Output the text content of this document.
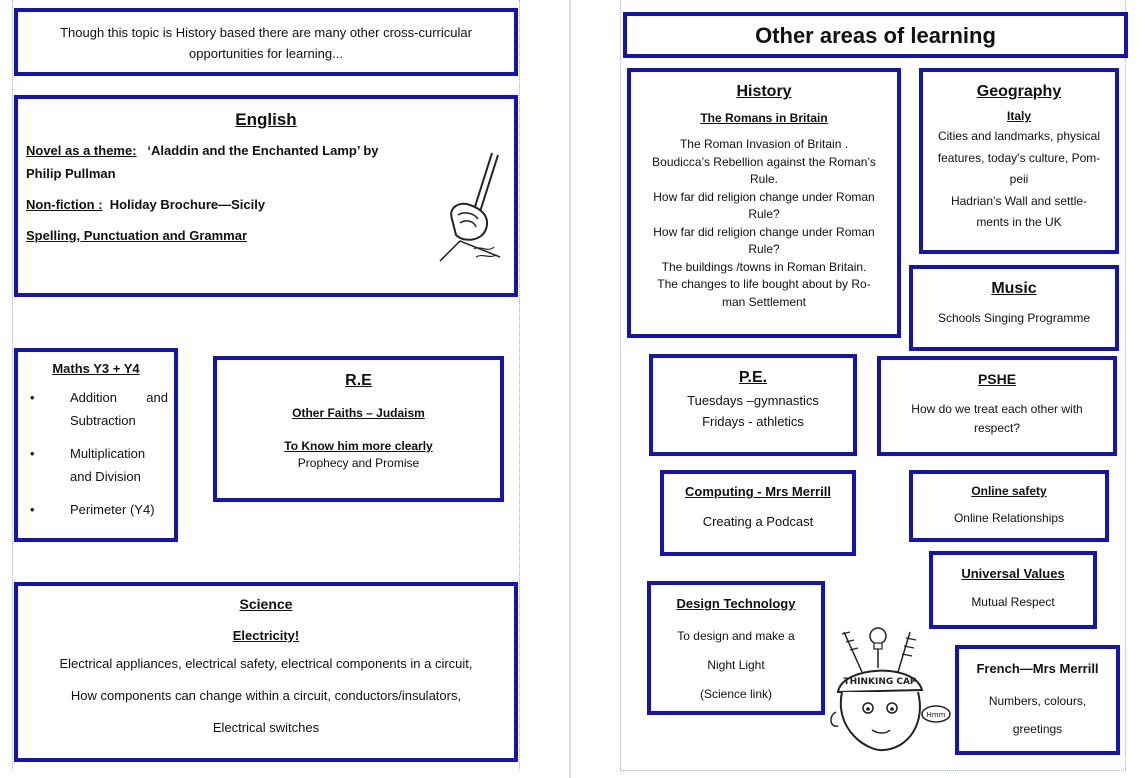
Though this topic is History based there are many other cross-curricular

opportunities for learning...

English

Novel as a theme: ‘Aladdin and the Enchanted Lamp’ by
Philip Pullman

Non-fiction : Holiday Brochure—Sicily

Spelling, Punctuation and Grammar

Maths Y3 + Y4

• Addition and
Subtraction
• Multiplication
and Division
• Perimeter (Y4)

R.E

Other Faiths – Judaism

To Know him more clearly

Prophecy and Promise

Science

Electricity!

Electrical appliances, electrical safety, electrical components in a circuit,

How components can change within a circuit, conductors/insulators,

Electrical switches

Other areas of learning

History

The Romans in Britain

The Roman Invasion of Britain .

Boudicca’s Rebellion against the Roman’s

Rule.

How far did religion change under Roman

Rule?

How far did religion change under Roman

Rule?

The buildings /towns in Roman Britain.

The changes to life bought about by Ro-

man Settlement

Geography

Italy

Cities and landmarks, physical

features, today’s culture, Pom-

peii

Hadrian’s Wall and settle-

ments in the UK

Music

Schools Singing Programme

P.E.

Tuesdays –gymnastics

Fridays - athletics

PSHE

How do we treat each other with

respect?

Computing - Mrs Merrill

Creating a Podcast

Online safety

Online Relationships

Universal Values

Mutual Respect

Design Technology

To design and make a

Night Light

(Science link)

French—Mrs Merrill

Numbers, colours,

greetings

THINKING CAP
Hmm
